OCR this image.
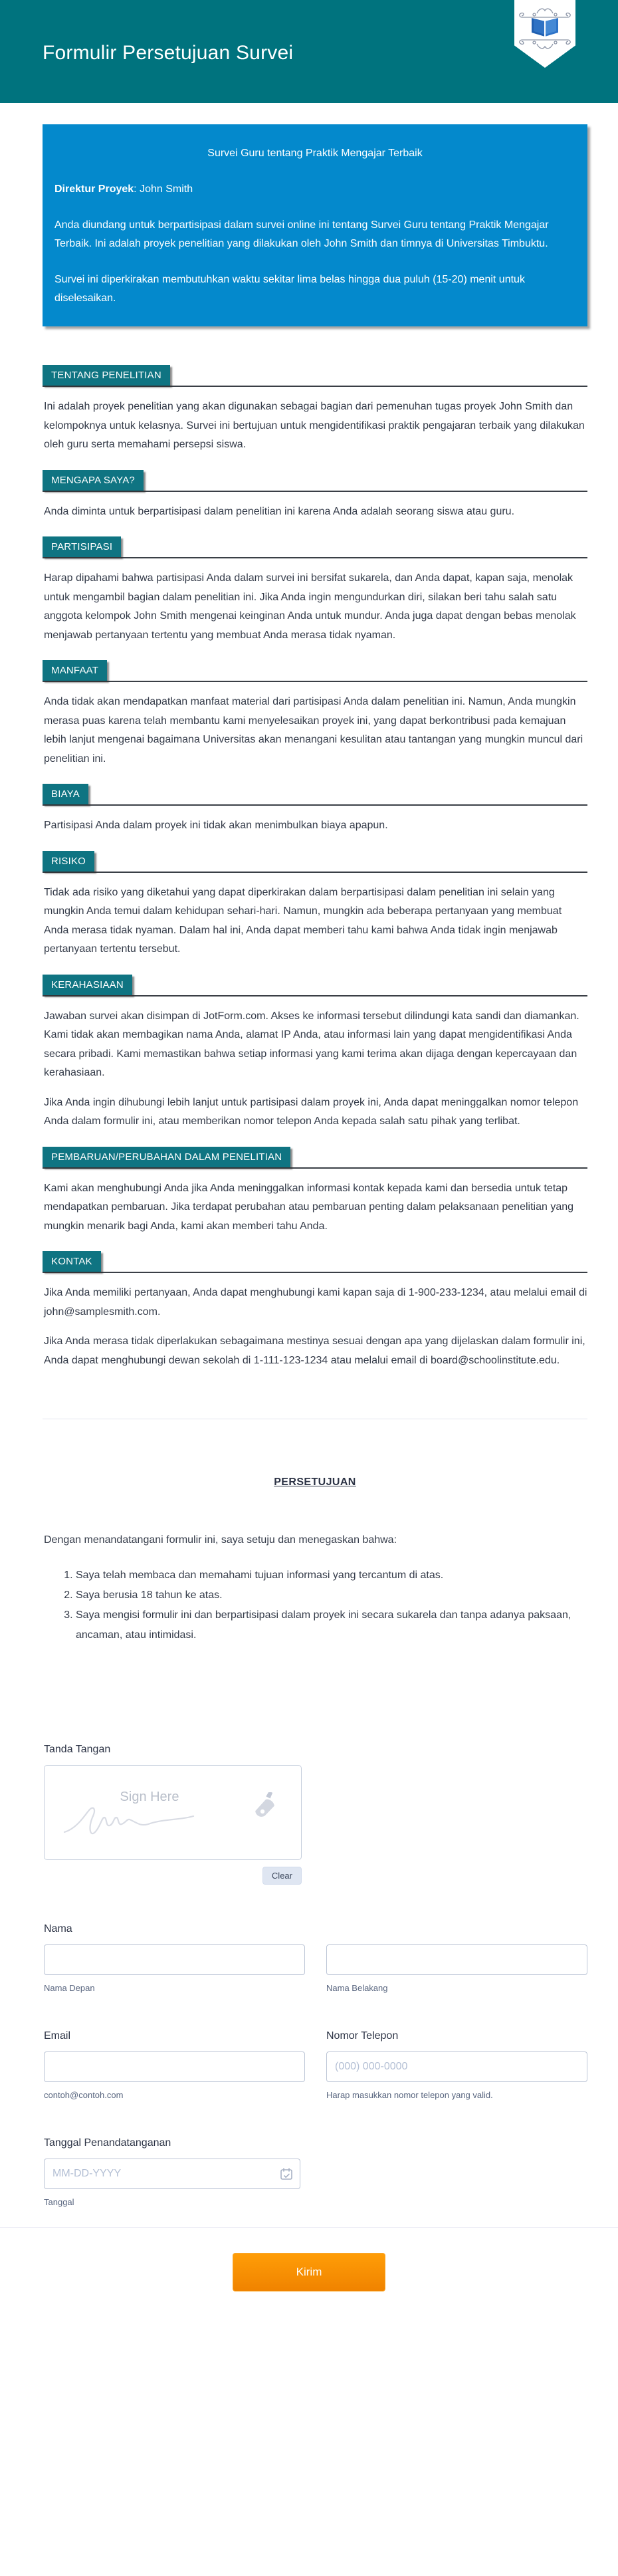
Formulir Persetujuan Survei

Survei Guru tentang Praktik Mengajar Terbaik

Direktur Proyek: John Smith

Anda diundang untuk berpartisipasi dalam survei online ini tentang Survei Guru tentang Praktik Mengajar Terbaik. Ini adalah proyek penelitian yang dilakukan oleh John Smith dan timnya di Universitas Timbuktu.

Survei ini diperkirakan membutuhkan waktu sekitar lima belas hingga dua puluh (15-20) menit untuk diselesaikan.

TENTANG PENELITIAN

Ini adalah proyek penelitian yang akan digunakan sebagai bagian dari pemenuhan tugas proyek John Smith dan kelompoknya untuk kelasnya. Survei ini bertujuan untuk mengidentifikasi praktik pengajaran terbaik yang dilakukan oleh guru serta memahami persepsi siswa.

MENGAPA SAYA?

Anda diminta untuk berpartisipasi dalam penelitian ini karena Anda adalah seorang siswa atau guru.

PARTISIPASI

Harap dipahami bahwa partisipasi Anda dalam survei ini bersifat sukarela, dan Anda dapat, kapan saja, menolak untuk mengambil bagian dalam penelitian ini. Jika Anda ingin mengundurkan diri, silakan beri tahu salah satu anggota kelompok John Smith mengenai keinginan Anda untuk mundur. Anda juga dapat dengan bebas menolak menjawab pertanyaan tertentu yang membuat Anda merasa tidak nyaman.

MANFAAT

Anda tidak akan mendapatkan manfaat material dari partisipasi Anda dalam penelitian ini. Namun, Anda mungkin merasa puas karena telah membantu kami menyelesaikan proyek ini, yang dapat berkontribusi pada kemajuan lebih lanjut mengenai bagaimana Universitas akan menangani kesulitan atau tantangan yang mungkin muncul dari penelitian ini.

BIAYA

Partisipasi Anda dalam proyek ini tidak akan menimbulkan biaya apapun.

RISIKO

Tidak ada risiko yang diketahui yang dapat diperkirakan dalam berpartisipasi dalam penelitian ini selain yang mungkin Anda temui dalam kehidupan sehari-hari. Namun, mungkin ada beberapa pertanyaan yang membuat Anda merasa tidak nyaman. Dalam hal ini, Anda dapat memberi tahu kami bahwa Anda tidak ingin menjawab pertanyaan tertentu tersebut.

KERAHASIAAN

Jawaban survei akan disimpan di JotForm.com. Akses ke informasi tersebut dilindungi kata sandi dan diamankan. Kami tidak akan membagikan nama Anda, alamat IP Anda, atau informasi lain yang dapat mengidentifikasi Anda secara pribadi. Kami memastikan bahwa setiap informasi yang kami terima akan dijaga dengan kepercayaan dan kerahasiaan.

Jika Anda ingin dihubungi lebih lanjut untuk partisipasi dalam proyek ini, Anda dapat meninggalkan nomor telepon Anda dalam formulir ini, atau memberikan nomor telepon Anda kepada salah satu pihak yang terlibat.

PEMBARUAN/PERUBAHAN DALAM PENELITIAN

Kami akan menghubungi Anda jika Anda meninggalkan informasi kontak kepada kami dan bersedia untuk tetap mendapatkan pembaruan. Jika terdapat perubahan atau pembaruan penting dalam pelaksanaan penelitian yang mungkin menarik bagi Anda, kami akan memberi tahu Anda.

KONTAK

Jika Anda memiliki pertanyaan, Anda dapat menghubungi kami kapan saja di 1-900-233-1234, atau melalui email di john@samplesmith.com.

Jika Anda merasa tidak diperlakukan sebagaimana mestinya sesuai dengan apa yang dijelaskan dalam formulir ini, Anda dapat menghubungi dewan sekolah di 1-111-123-1234 atau melalui email di board@schoolinstitute.edu.

PERSETUJUAN

Dengan menandatangani formulir ini, saya setuju dan menegaskan bahwa:

1. Saya telah membaca dan memahami tujuan informasi yang tercantum di atas.
2. Saya berusia 18 tahun ke atas.
3. Saya mengisi formulir ini dan berpartisipasi dalam proyek ini secara sukarela dan tanpa adanya paksaan, ancaman, atau intimidasi.
Tanda Tangan
Sign Here
Clear
Nama
Nama Depan	Nama Belakang
Email
contoh@contoh.com
Nomor Telepon
(000) 000-0000
Harap masukkan nomor telepon yang valid.
Tanggal Penandatanganan
MM-DD-YYYY
Tanggal
Kirim
